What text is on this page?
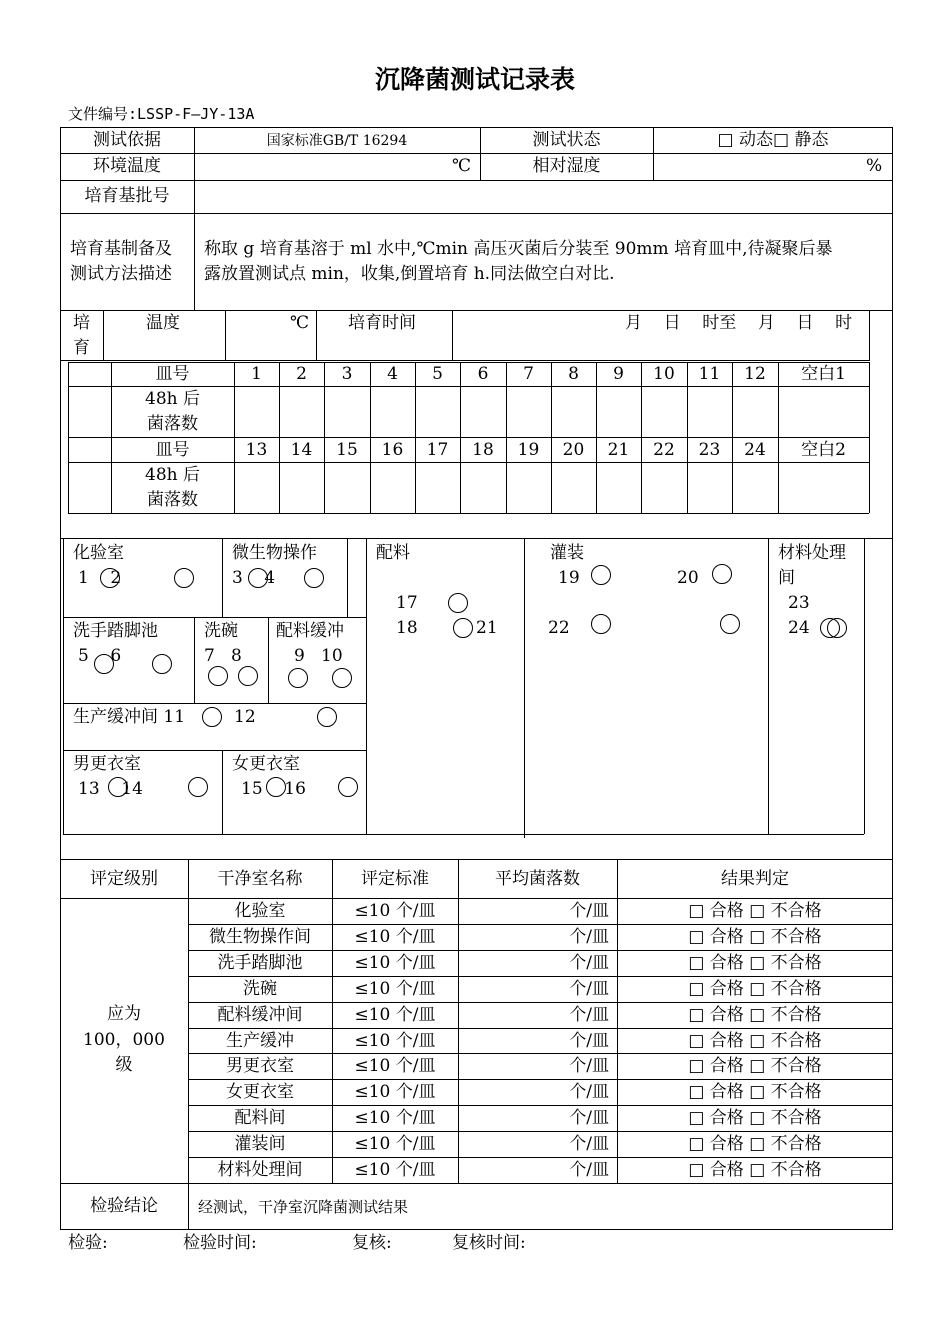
沉降菌测试记录表
文件编号:LSSP-F—JY-13A
测试依据	国家标准GB/T 16294	测试状态	□ 动态□ 静态
环境温度	℃	相对湿度	%
培育基批号
培育基制备及
测试方法描述
称取 g 培育基溶于 ml 水中,℃min 高压灭菌后分装至 90mm 培育皿中,待凝聚后暴
露放置测试点 min，收集,倒置培育 h.同法做空白对比.
培
育
温度	℃ 培育时间	月    日    时至    月    日    时
皿号	1	2	3	4	5	6	7	8	9	10	11	12	空白1
48h 后
菌落数
皿号	13	14	15	16	17	18	19	20	21	22	23	24	空白2
48h 后
菌落数
化验室
1    2
微生物操作
3    4
配料
17
18	21
灌装
19	20
22
材料处理
间
23
24
洗手踏脚池
5    6
洗碗
7   8
配料缓冲
9   10
生产缓冲间 11	12
男更衣室
13    14
女更衣室
15    16
评定级别	干净室名称	评定标准	平均菌落数	结果判定
应为
100，000
级
化验室	≤10 个/皿	个/皿	□ 合格 □ 不合格
微生物操作间	≤10 个/皿	个/皿	□ 合格 □ 不合格
洗手踏脚池	≤10 个/皿	个/皿	□ 合格 □ 不合格
洗碗	≤10 个/皿	个/皿	□ 合格 □ 不合格
配料缓冲间	≤10 个/皿	个/皿	□ 合格 □ 不合格
生产缓冲	≤10 个/皿	个/皿	□ 合格 □ 不合格
男更衣室	≤10 个/皿	个/皿	□ 合格 □ 不合格
女更衣室	≤10 个/皿	个/皿	□ 合格 □ 不合格
配料间	≤10 个/皿	个/皿	□ 合格 □ 不合格
灌装间	≤10 个/皿	个/皿	□ 合格 □ 不合格
材料处理间	≤10 个/皿	个/皿	□ 合格 □ 不合格
检验结论	经测试，干净室沉降菌测试结果
检验:	检验时间:	复核:	复核时间:
